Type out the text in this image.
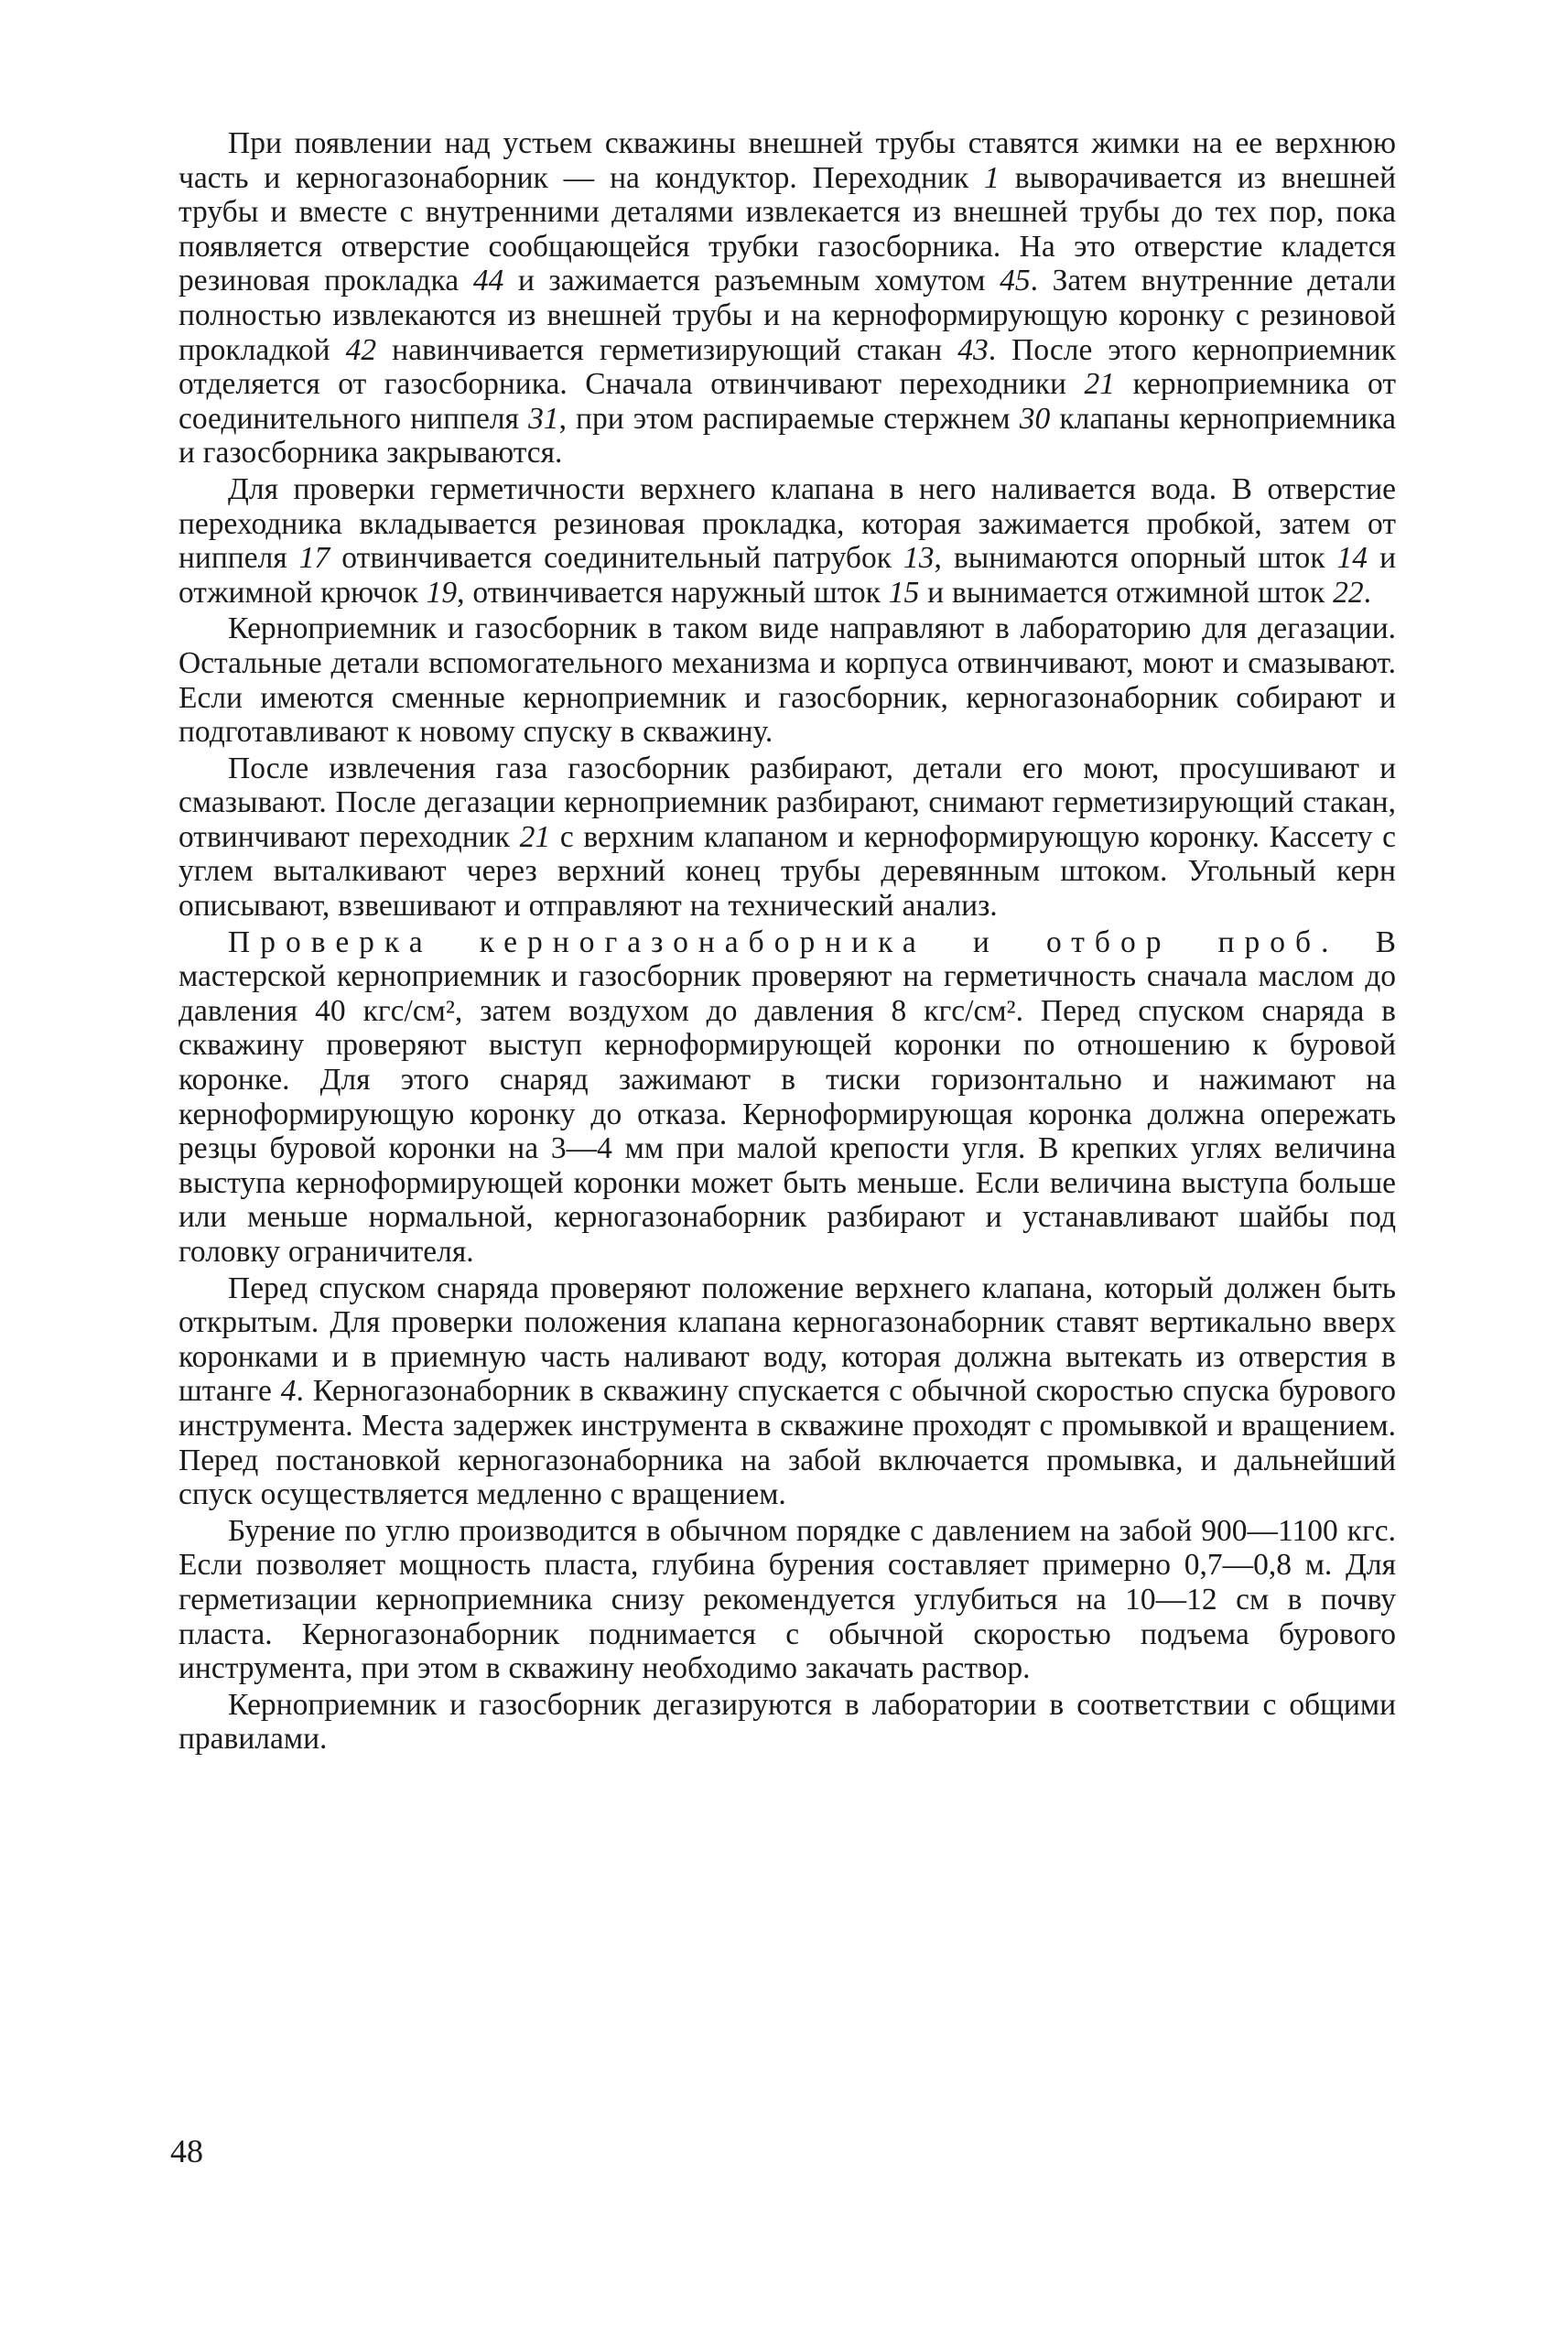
При появлении над устьем скважины внешней трубы ставятся жимки на ее верхнюю часть и керногазонаборник — на кондуктор. Переходник 1 выворачивается из внешней трубы и вместе с внутренними деталями извлекается из внешней трубы до тех пор, пока появляется отверстие сообщающейся трубки газосборника. На это отверстие кладется резиновая прокладка 44 и зажимается разъемным хомутом 45. Затем внутренние детали полностью извлекаются из внешней трубы и на керноформирующую коронку с резиновой прокладкой 42 навинчивается герметизирующий стакан 43. После этого керноприемник отделяется от газосборника. Сначала отвинчивают переходники 21 керноприемника от соединительного ниппеля 31, при этом распираемые стержнем 30 клапаны керноприемника и газосборника закрываются.

Для проверки герметичности верхнего клапана в него наливается вода. В отверстие переходника вкладывается резиновая прокладка, которая зажимается пробкой, затем от ниппеля 17 отвинчивается соединительный патрубок 13, вынимаются опорный шток 14 и отжимной крючок 19, отвинчивается наружный шток 15 и вынимается отжимной шток 22.

Керноприемник и газосборник в таком виде направляют в лабораторию для дегазации. Остальные детали вспомогательного механизма и корпуса отвинчивают, моют и смазывают. Если имеются сменные керноприемник и газосборник, керногазонаборник собирают и подготавливают к новому спуску в скважину.

После извлечения газа газосборник разбирают, детали его моют, просушивают и смазывают. После дегазации керноприемник разбирают, снимают герметизирующий стакан, отвинчивают переходник 21 с верхним клапаном и керноформирующую коронку. Кассету с углем выталкивают через верхний конец трубы деревянным штоком. Угольный керн описывают, взвешивают и отправляют на технический анализ.

Проверка керногазонаборника и отбор проб. В мастерской керноприемник и газосборник проверяют на герметичность сначала маслом до давления 40 кгс/см², затем воздухом до давления 8 кгс/см². Перед спуском снаряда в скважину проверяют выступ керноформирующей коронки по отношению к буровой коронке. Для этого снаряд зажимают в тиски горизонтально и нажимают на керноформирующую коронку до отказа. Керноформирующая коронка должна опережать резцы буровой коронки на 3—4 мм при малой крепости угля. В крепких углях величина выступа керноформирующей коронки может быть меньше. Если величина выступа больше или меньше нормальной, керногазонаборник разбирают и устанавливают шайбы под головку ограничителя.

Перед спуском снаряда проверяют положение верхнего клапана, который должен быть открытым. Для проверки положения клапана керногазонаборник ставят вертикально вверх коронками и в приемную часть наливают воду, которая должна вытекать из отверстия в штанге 4. Керногазонаборник в скважину спускается с обычной скоростью спуска бурового инструмента. Места задержек инструмента в скважине проходят с промывкой и вращением. Перед постановкой керногазонаборника на забой включается промывка, и дальнейший спуск осуществляется медленно с вращением.

Бурение по углю производится в обычном порядке с давлением на забой 900—1100 кгс. Если позволяет мощность пласта, глубина бурения составляет примерно 0,7—0,8 м. Для герметизации керноприемника снизу рекомендуется углубиться на 10—12 см в почву пласта. Керногазонаборник поднимается с обычной скоростью подъема бурового инструмента, при этом в скважину необходимо закачать раствор.

Керноприемник и газосборник дегазируются в лаборатории в соответствии с общими правилами.

48
